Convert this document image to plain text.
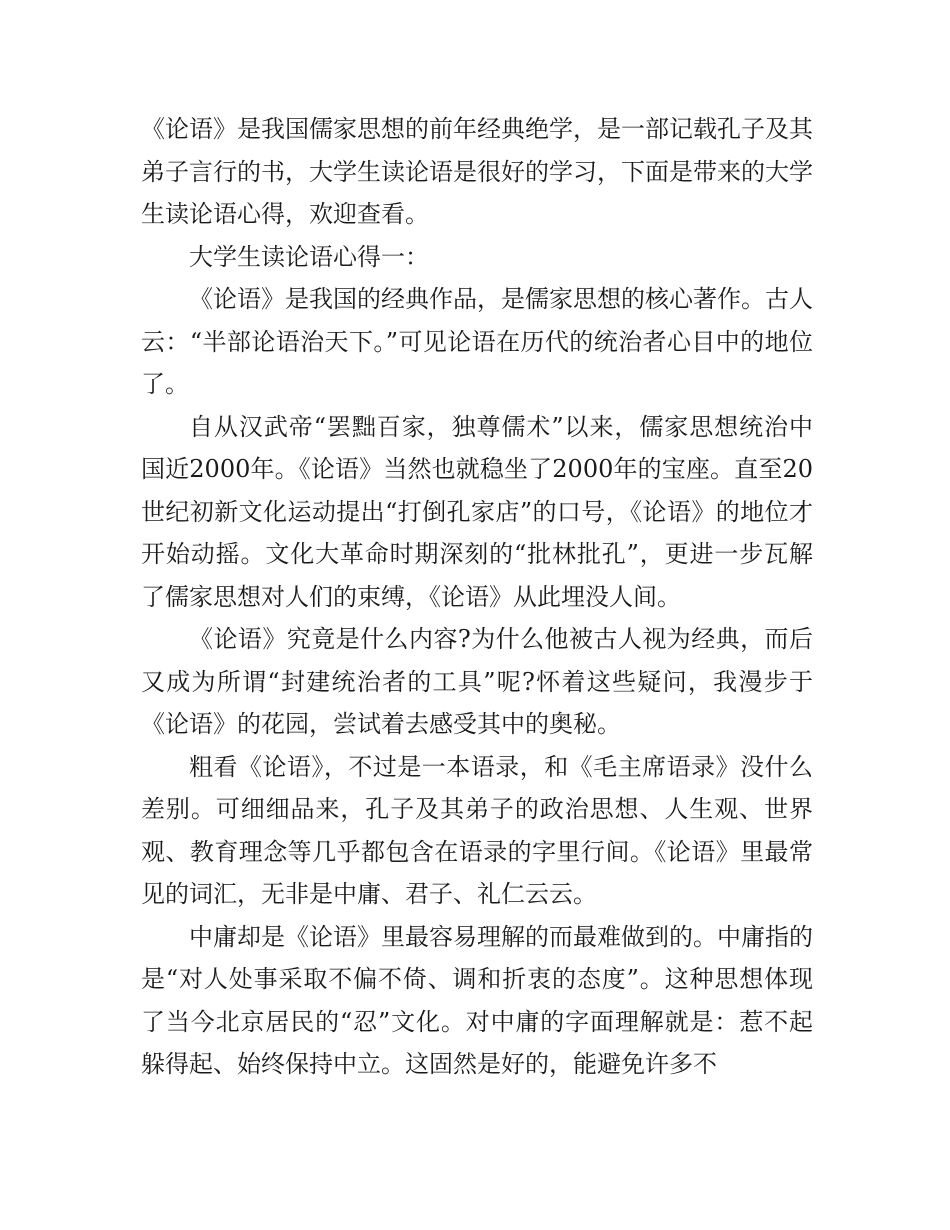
《论语》是我国儒家思想的前年经典绝学，是一部记载孔子及其弟子言行的书，大学生读论语是很好的学习，下面是带来的大学生读论语心得，欢迎查看。

大学生读论语心得一：

《论语》是我国的经典作品，是儒家思想的核心著作。古人云：“半部论语治天下。”可见论语在历代的统治者心目中的地位了。

自从汉武帝“罢黜百家，独尊儒术”以来，儒家思想统治中国近2000年。《论语》当然也就稳坐了2000年的宝座。直至20世纪初新文化运动提出“打倒孔家店”的口号，《论语》的地位才开始动摇。文化大革命时期深刻的“批林批孔”，更进一步瓦解了儒家思想对人们的束缚，《论语》从此埋没人间。

《论语》究竟是什么内容?为什么他被古人视为经典，而后又成为所谓“封建统治者的工具”呢?怀着这些疑问，我漫步于《论语》的花园，尝试着去感受其中的奥秘。

粗看《论语》，不过是一本语录，和《毛主席语录》没什么差别。可细细品来，孔子及其弟子的政治思想、人生观、世界观、教育理念等几乎都包含在语录的字里行间。《论语》里最常见的词汇，无非是中庸、君子、礼仁云云。

中庸却是《论语》里最容易理解的而最难做到的。中庸指的是“对人处事采取不偏不倚、调和折衷的态度”。这种思想体现了当今北京居民的“忍”文化。对中庸的字面理解就是：惹不起躲得起、始终保持中立。这固然是好的，能避免许多不
